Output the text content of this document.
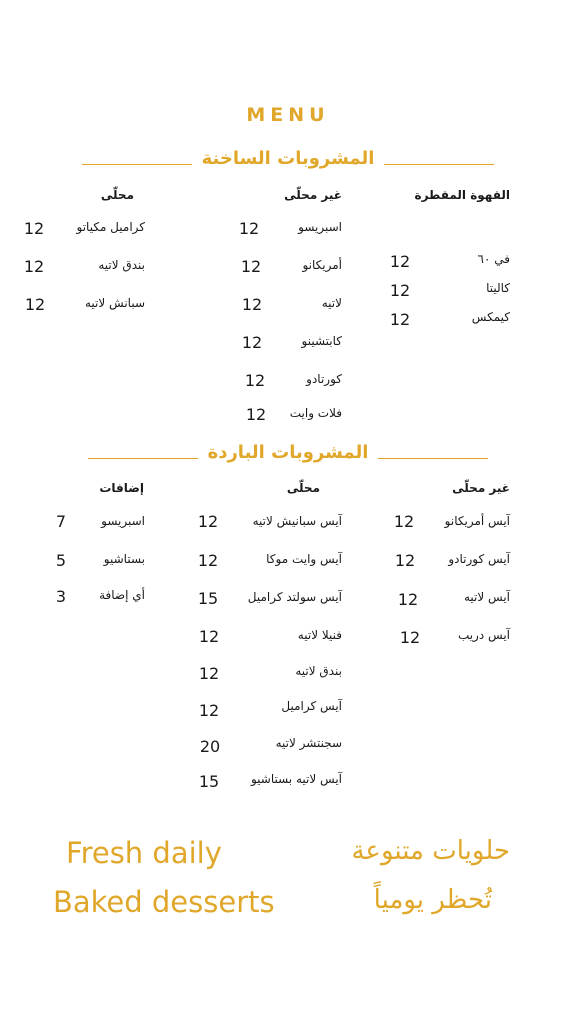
MENU
المشروبات الساخنة
القهوة المقطرة
في ٦٠
12
كاليتا
12
كيمكس
12
غير محلّى
اسبريسو
12
أمريكانو
12
لاتيه
12
كابتشينو
12
كورتادو
12
فلات وايت
12
محلّى
كراميل مكياتو
12
بندق لاتيه
12
سبانش لاتيه
12
المشروبات الباردة
غير محلّى
آيس أمريكانو
12
آيس كورتادو
12
آيس لاتيه
12
آيس دريب
12
محلّى
آيس سبانيش لاتيه
12
آيس وايت موكا
12
آيس سولتد كراميل
15
فنيلا لاتيه
12
بندق لاتيه
12
آيس كراميل
12
سجنتشر لاتيه
20
آيس لاتيه بستاشيو
15
إضافات
اسبريسو
7
بستاشيو
5
أي إضافة
3
Fresh daily
Baked desserts
حلويات متنوعة
تُحظر يومياً
